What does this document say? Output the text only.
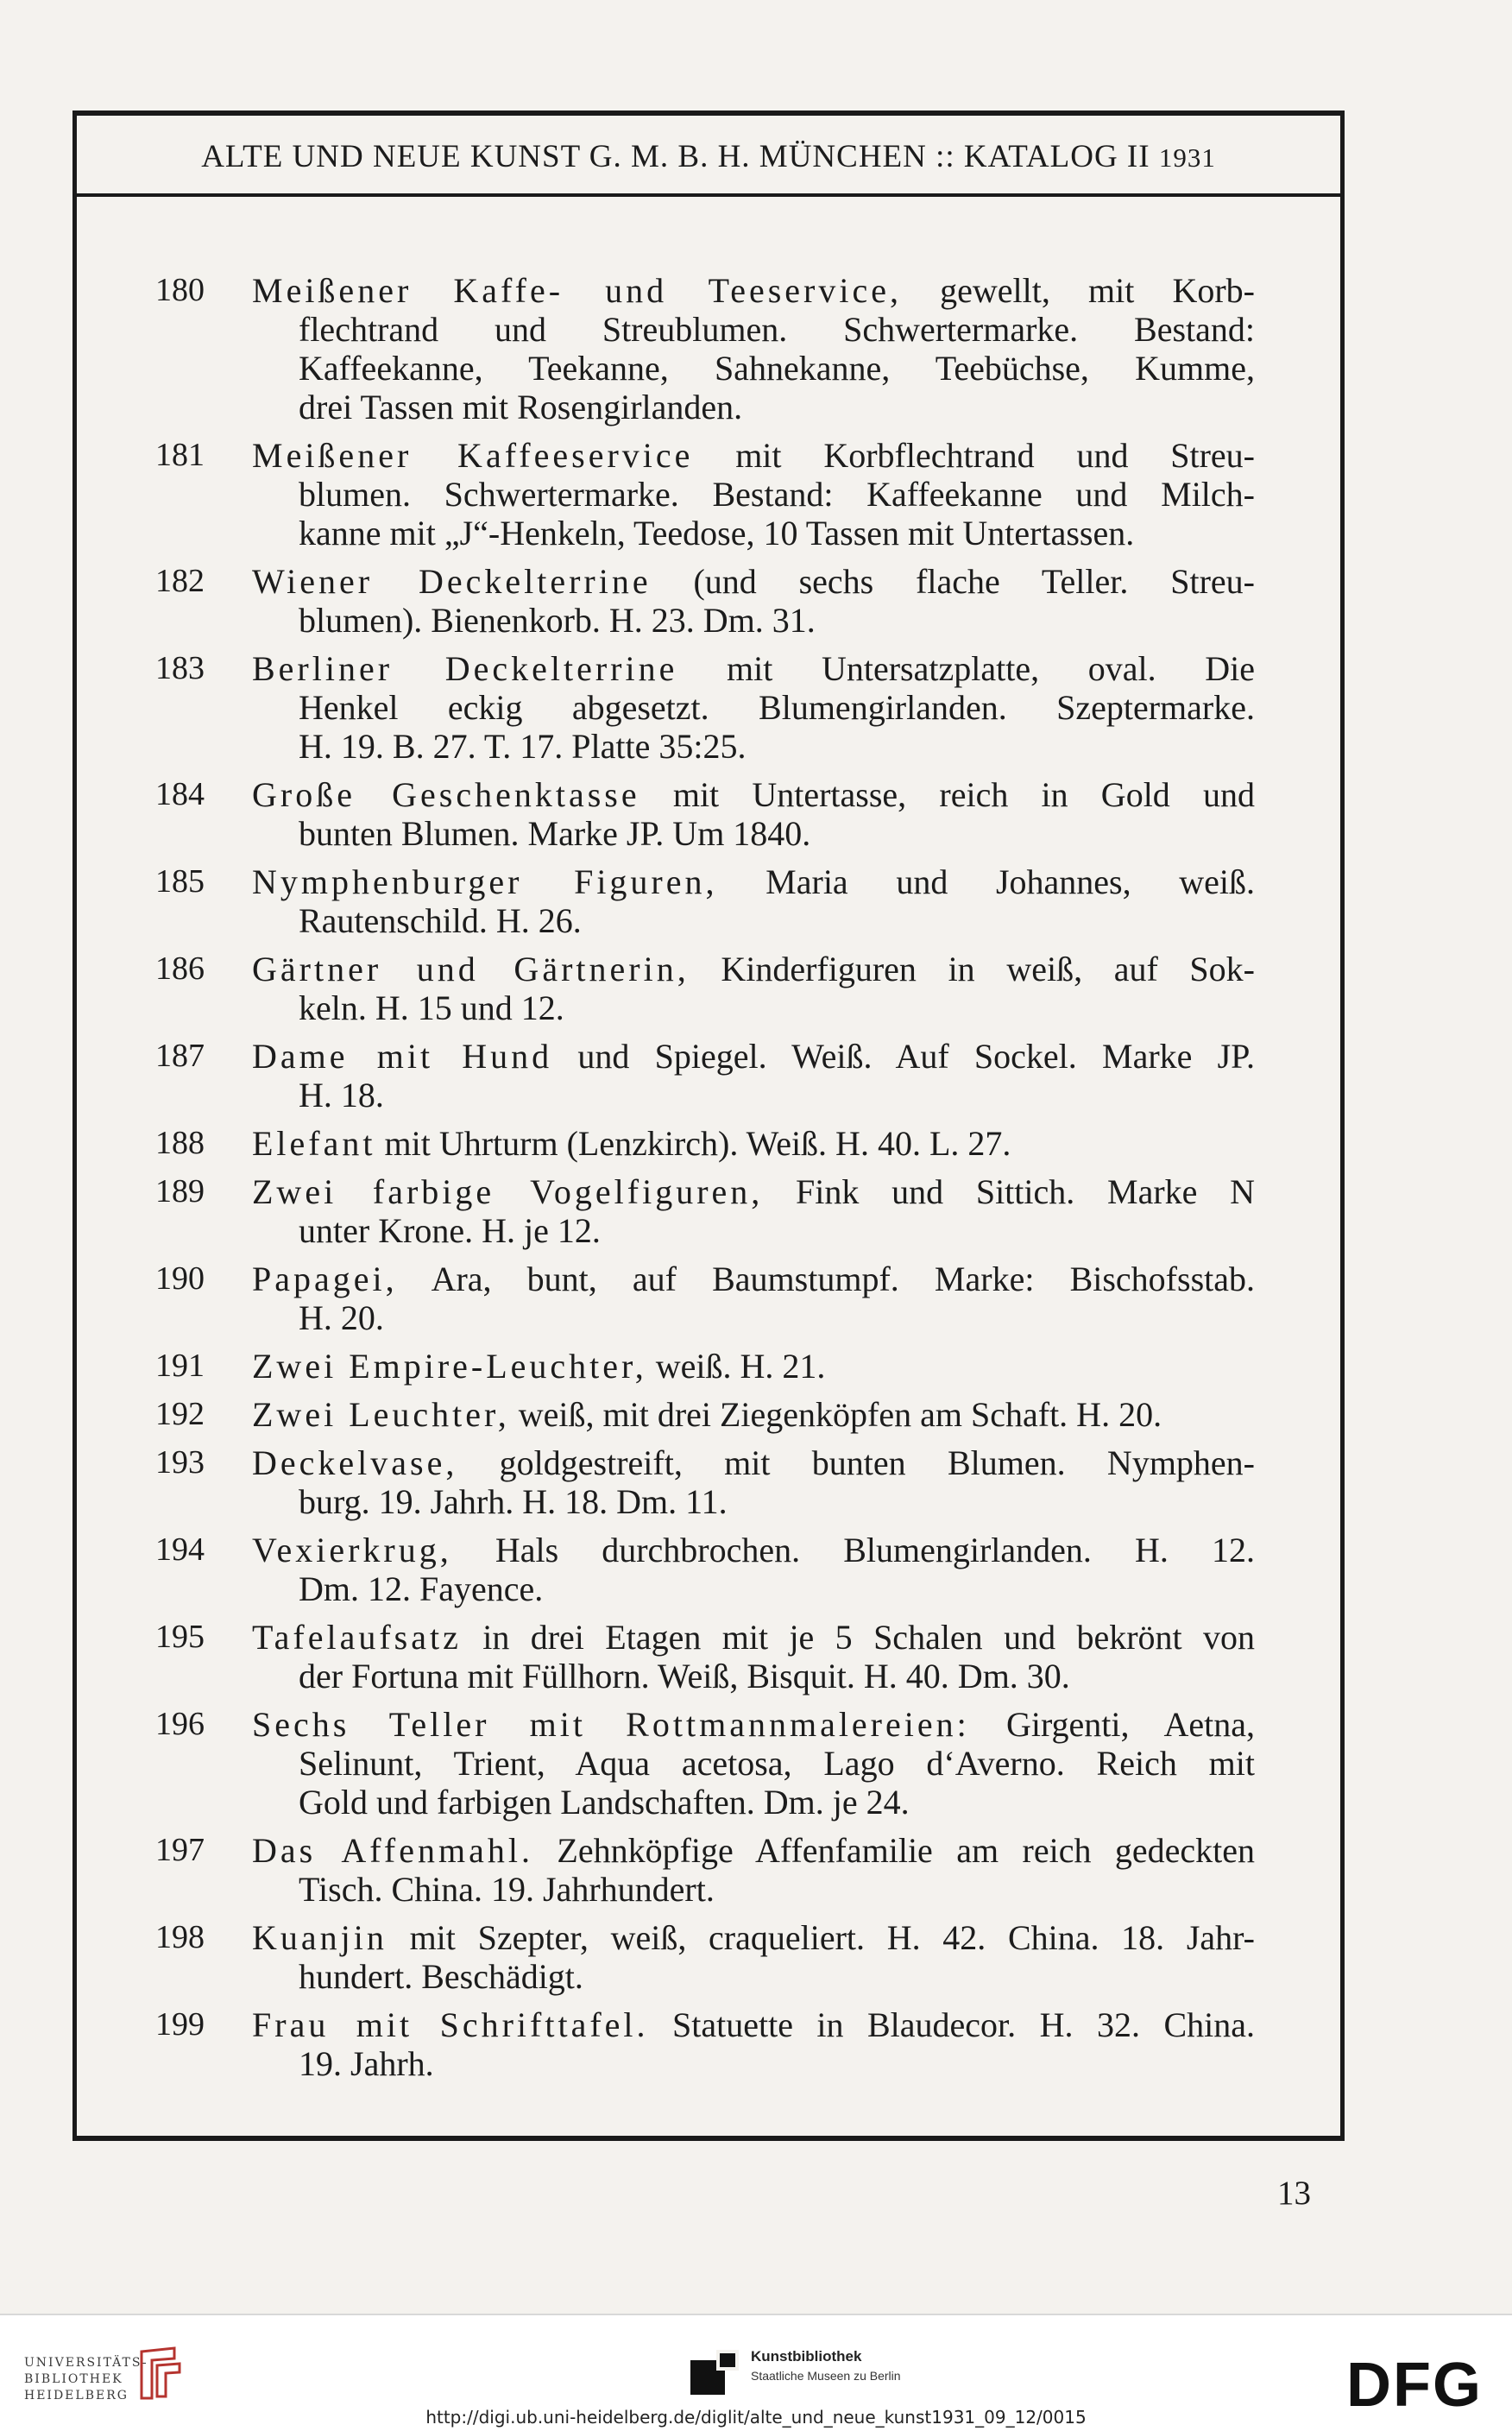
ALTE UND NEUE KUNST G. M. B. H. MÜNCHEN :: KATALOG II 1931
180	Meißener Kaffe- und Teeservice, gewellt, mit Korb-
flechtrand und Streublumen. Schwertermarke. Bestand:
Kaffeekanne, Teekanne, Sahnekanne, Teebüchse, Kumme,
drei Tassen mit Rosengirlanden.
181	Meißener Kaffeeservice mit Korbflechtrand und Streu-
blumen. Schwertermarke. Bestand: Kaffeekanne und Milch-
kanne mit „J“-Henkeln, Teedose, 10 Tassen mit Untertassen.
182	Wiener Deckelterrine (und sechs flache Teller. Streu-
blumen). Bienenkorb. H. 23. Dm. 31.
183	Berliner Deckelterrine mit Untersatzplatte, oval. Die
Henkel eckig abgesetzt. Blumengirlanden. Szeptermarke.
H. 19. B. 27. T. 17. Platte 35:25.
184	Große Geschenktasse mit Untertasse, reich in Gold und
bunten Blumen. Marke JP. Um 1840.
185	Nymphenburger Figuren, Maria und Johannes, weiß.
Rautenschild. H. 26.
186	Gärtner und Gärtnerin, Kinderfiguren in weiß, auf Sok-
keln. H. 15 und 12.
187	Dame mit Hund und Spiegel. Weiß. Auf Sockel. Marke JP.
H. 18.
188	Elefant mit Uhrturm (Lenzkirch). Weiß. H. 40. L. 27.
189	Zwei farbige Vogelfiguren, Fink und Sittich. Marke N
unter Krone. H. je 12.
190	Papagei, Ara, bunt, auf Baumstumpf. Marke: Bischofsstab.
H. 20.
191	Zwei Empire-Leuchter, weiß. H. 21.
192	Zwei Leuchter, weiß, mit drei Ziegenköpfen am Schaft. H. 20.
193	Deckelvase, goldgestreift, mit bunten Blumen. Nymphen-
burg. 19. Jahrh. H. 18. Dm. 11.
194	Vexierkrug, Hals durchbrochen. Blumengirlanden. H. 12.
Dm. 12. Fayence.
195	Tafelaufsatz in drei Etagen mit je 5 Schalen und bekrönt von
der Fortuna mit Füllhorn. Weiß, Bisquit. H. 40. Dm. 30.
196	Sechs Teller mit Rottmannmalereien: Girgenti, Aetna,
Selinunt, Trient, Aqua acetosa, Lago d‘Averno. Reich mit
Gold und farbigen Landschaften. Dm. je 24.
197	Das Affenmahl. Zehnköpfige Affenfamilie am reich gedeckten
Tisch. China. 19. Jahrhundert.
198	Kuanjin mit Szepter, weiß, craqueliert. H. 42. China. 18. Jahr-
hundert. Beschädigt.
199	Frau mit Schrifttafel. Statuette in Blaudecor. H. 32. China.
19. Jahrh.
13
UNIVERSITÄTS-
BIBLIOTHEK
HEIDELBERG
Kunstbibliothek
Staatliche Museen zu Berlin	DFG
http://digi.ub.uni-heidelberg.de/diglit/alte_und_neue_kunst1931_09_12/0015
